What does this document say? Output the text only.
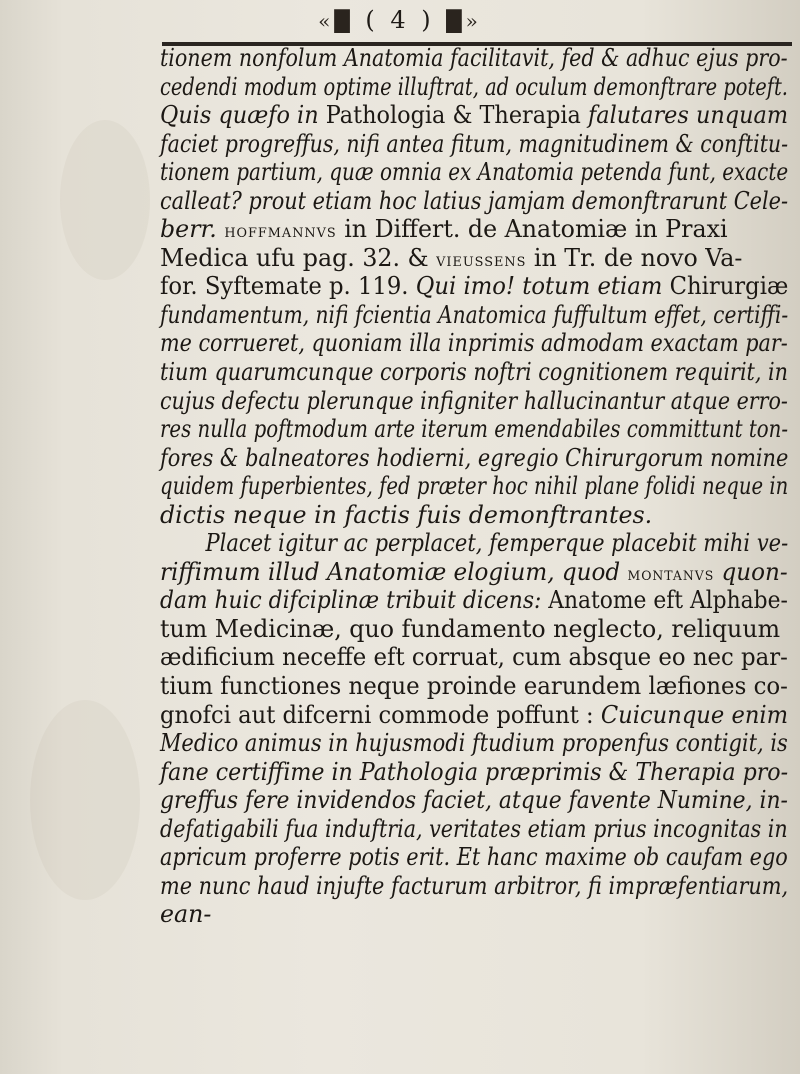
«█ ( 4 ) █»
tionem nonfolum Anatomia facilitavit, fed & adhuc ejus pro-
cedendi modum optime illuftrat, ad oculum demonftrare poteft.
Quis quæfo in Pathologia & Therapia falutares unquam
faciet progreffus, nifi antea fitum, magnitudinem & conftitu-
tionem partium, quæ omnia ex Anatomia petenda funt, exacte
calleat? prout etiam hoc latius jamjam demonftrarunt Cele-
berr. hoffmannvs in Differt. de Anatomiæ in Praxi
Medica ufu pag. 32. & vieussens in Tr. de novo Va-
for. Syftemate p. 119. Qui imo! totum etiam Chirurgiæ
fundamentum, nifi fcientia Anatomica fuffultum effet, certiffi-
me corrueret, quoniam illa inprimis admodam exactam par-
tium quarumcunque corporis noftri cognitionem requirit, in
cujus defectu plerunque infigniter hallucinantur atque erro-
res nulla poftmodum arte iterum emendabiles committunt ton-
fores & balneatores hodierni, egregio Chirurgorum nomine
quidem fuperbientes, fed præter hoc nihil plane folidi neque in
dictis neque in factis fuis demonftrantes.
Placet igitur ac perplacet, femperque placebit mihi ve-
riffimum illud Anatomiæ elogium, quod montanvs quon-
dam huic difciplinæ tribuit dicens: Anatome eft Alphabe-
tum Medicinæ, quo fundamento neglecto, reliquum
ædificium neceffe eft corruat, cum absque eo nec par-
tium functiones neque proinde earundem læfiones co-
gnofci aut difcerni commode poffunt : Cuicunque enim
Medico animus in hujusmodi ftudium propenfus contigit, is
fane certiffime in Pathologia præprimis & Therapia pro-
greffus fere invidendos faciet, atque favente Numine, in-
defatigabili fua induftria, veritates etiam prius incognitas in
apricum proferre potis erit. Et hanc maxime ob caufam ego
me nunc haud injufte facturum arbitror, fi impræfentiarum,
ean-
